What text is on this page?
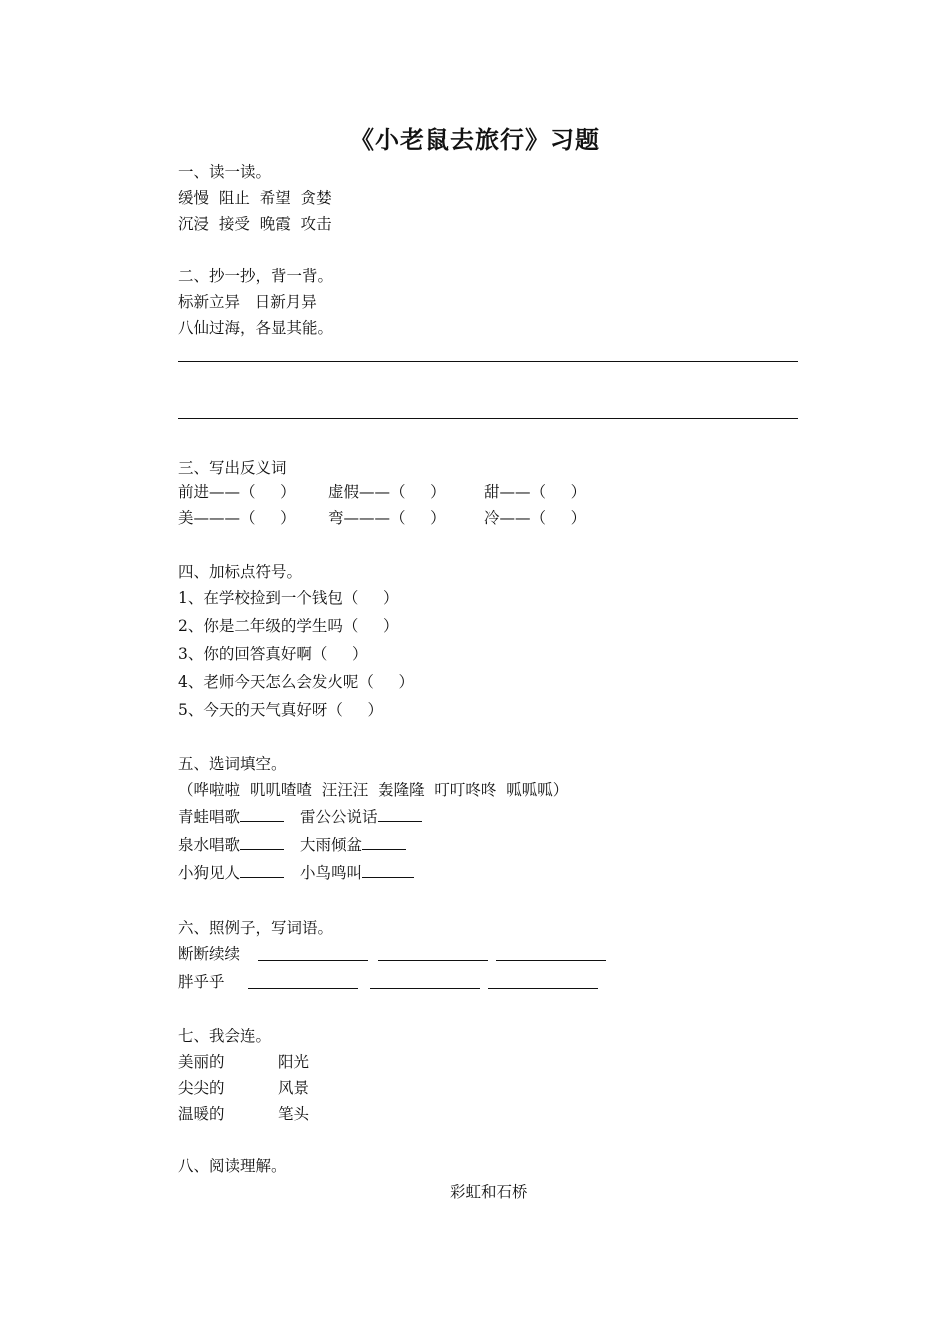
《小老鼠去旅行》习题
一、读一读。
缓慢  阻止  希望  贪婪
沉浸  接受  晚霞  攻击
二、抄一抄，背一背。
标新立异   日新月异
八仙过海，各显其能。
三、写出反义词
前进——（     ） 虚假——（     ） 甜——（     ）
美———（     ） 弯———（     ） 冷——（     ）
四、加标点符号。
1、在学校捡到一个钱包（     ）
2、你是二年级的学生吗（     ）
3、你的回答真好啊（     ）
4、老师今天怎么会发火呢（     ）
5、今天的天气真好呀（     ）
五、选词填空。
（哗啦啦  叽叽喳喳  汪汪汪  轰隆隆  叮叮咚咚  呱呱呱）
青蛙唱歌	雷公公说话
泉水唱歌	大雨倾盆
小狗见人	小鸟鸣叫
六、照例子，写词语。
断断续续
胖乎乎
七、我会连。
美丽的	阳光
尖尖的	风景
温暖的	笔头
八、阅读理解。
彩虹和石桥
